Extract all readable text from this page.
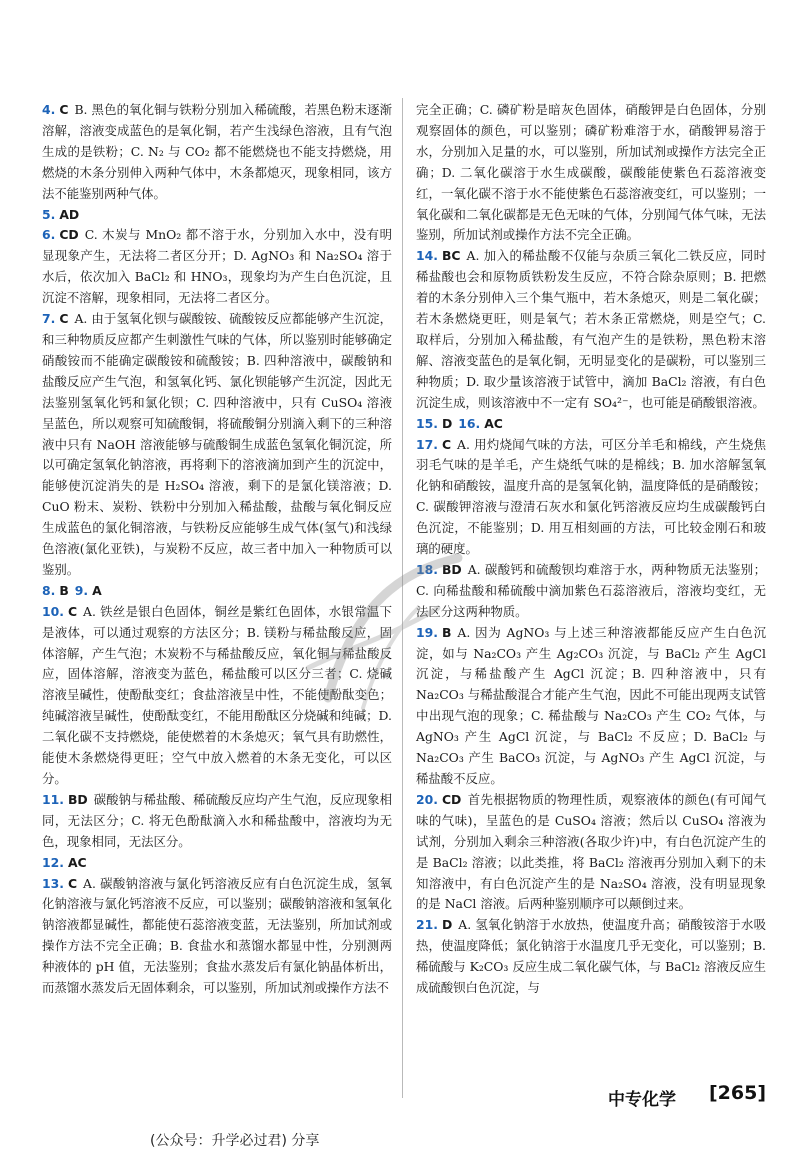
4. C B. 黑色的氧化铜与铁粉分别加入稀硫酸，若黑色粉末逐渐溶解，溶液变成蓝色的是氧化铜，若产生浅绿色溶液，且有气泡生成的是铁粉；C. N₂ 与 CO₂ 都不能燃烧也不能支持燃烧，用燃烧的木条分别伸入两种气体中，木条都熄灭，现象相同，该方法不能鉴别两种气体。

5. AD

6. CD C. 木炭与 MnO₂ 都不溶于水，分别加入水中，没有明显现象产生，无法将二者区分开；D. AgNO₃ 和 Na₂SO₄ 溶于水后，依次加入 BaCl₂ 和 HNO₃，现象均为产生白色沉淀，且沉淀不溶解，现象相同，无法将二者区分。

7. C A. 由于氢氧化钡与碳酸铵、硫酸铵反应都能够产生沉淀，和三种物质反应都产生刺激性气味的气体，所以鉴别时能够确定硝酸铵而不能确定碳酸铵和硫酸铵；B. 四种溶液中，碳酸钠和盐酸反应产生气泡，和氢氧化钙、氯化钡能够产生沉淀，因此无法鉴别氢氧化钙和氯化钡；C. 四种溶液中，只有 CuSO₄ 溶液呈蓝色，所以观察可知硫酸铜，将硫酸铜分别滴入剩下的三种溶液中只有 NaOH 溶液能够与硫酸铜生成蓝色氢氧化铜沉淀，所以可确定氢氧化钠溶液，再将剩下的溶液滴加到产生的沉淀中，能够使沉淀消失的是 H₂SO₄ 溶液，剩下的是氯化镁溶液；D. CuO 粉末、炭粉、铁粉中分别加入稀盐酸，盐酸与氧化铜反应生成蓝色的氯化铜溶液，与铁粉反应能够生成气体(氢气)和浅绿色溶液(氯化亚铁)，与炭粉不反应，故三者中加入一种物质可以鉴别。

8. B 9. A

10. C A. 铁丝是银白色固体，铜丝是紫红色固体，水银常温下是液体，可以通过观察的方法区分；B. 镁粉与稀盐酸反应，固体溶解，产生气泡；木炭粉不与稀盐酸反应，氧化铜与稀盐酸反应，固体溶解，溶液变为蓝色，稀盐酸可以区分三者；C. 烧碱溶液呈碱性，使酚酞变红；食盐溶液呈中性，不能使酚酞变色；纯碱溶液呈碱性，使酚酞变红，不能用酚酞区分烧碱和纯碱；D. 二氧化碳不支持燃烧，能使燃着的木条熄灭；氧气具有助燃性，能使木条燃烧得更旺；空气中放入燃着的木条无变化，可以区分。

11. BD 碳酸钠与稀盐酸、稀硫酸反应均产生气泡，反应现象相同，无法区分；C. 将无色酚酞滴入水和稀盐酸中，溶液均为无色，现象相同，无法区分。

12. AC

13. C A. 碳酸钠溶液与氯化钙溶液反应有白色沉淀生成，氢氧化钠溶液与氯化钙溶液不反应，可以鉴别；碳酸钠溶液和氢氧化钠溶液都显碱性，都能使石蕊溶液变蓝，无法鉴别，所加试剂或操作方法不完全正确；B. 食盐水和蒸馏水都显中性，分别测两种液体的 pH 值，无法鉴别；食盐水蒸发后有氯化钠晶体析出，而蒸馏水蒸发后无固体剩余，可以鉴别，所加试剂或操作方法不

完全正确；C. 磷矿粉是暗灰色固体，硝酸钾是白色固体，分别观察固体的颜色，可以鉴别；磷矿粉难溶于水，硝酸钾易溶于水，分别加入足量的水，可以鉴别，所加试剂或操作方法完全正确；D. 二氧化碳溶于水生成碳酸，碳酸能使紫色石蕊溶液变红，一氧化碳不溶于水不能使紫色石蕊溶液变红，可以鉴别；一氧化碳和二氧化碳都是无色无味的气体，分别闻气体气味，无法鉴别，所加试剂或操作方法不完全正确。

14. BC A. 加入的稀盐酸不仅能与杂质三氧化二铁反应，同时稀盐酸也会和原物质铁粉发生反应，不符合除杂原则；B. 把燃着的木条分别伸入三个集气瓶中，若木条熄灭，则是二氧化碳；若木条燃烧更旺，则是氧气；若木条正常燃烧，则是空气；C. 取样后，分别加入稀盐酸，有气泡产生的是铁粉，黑色粉末溶解、溶液变蓝色的是氧化铜，无明显变化的是碳粉，可以鉴别三种物质；D. 取少量该溶液于试管中，滴加 BaCl₂ 溶液，有白色沉淀生成，则该溶液中不一定有 SO₄²⁻，也可能是硝酸银溶液。

15. D 16. AC

17. C A. 用灼烧闻气味的方法，可区分羊毛和棉线，产生烧焦羽毛气味的是羊毛，产生烧纸气味的是棉线；B. 加水溶解氢氧化钠和硝酸铵，温度升高的是氢氧化钠，温度降低的是硝酸铵；C. 碳酸钾溶液与澄清石灰水和氯化钙溶液反应均生成碳酸钙白色沉淀，不能鉴别；D. 用互相刻画的方法，可比较金刚石和玻璃的硬度。

18. BD A. 碳酸钙和硫酸钡均难溶于水，两种物质无法鉴别；C. 向稀盐酸和稀硫酸中滴加紫色石蕊溶液后，溶液均变红，无法区分这两种物质。

19. B A. 因为 AgNO₃ 与上述三种溶液都能反应产生白色沉淀，如与 Na₂CO₃ 产生 Ag₂CO₃ 沉淀，与 BaCl₂ 产生 AgCl 沉淀，与稀盐酸产生 AgCl 沉淀；B. 四种溶液中，只有 Na₂CO₃ 与稀盐酸混合才能产生气泡，因此不可能出现两支试管中出现气泡的现象；C. 稀盐酸与 Na₂CO₃ 产生 CO₂ 气体，与 AgNO₃ 产生 AgCl 沉淀，与 BaCl₂ 不反应；D. BaCl₂ 与 Na₂CO₃ 产生 BaCO₃ 沉淀，与 AgNO₃ 产生 AgCl 沉淀，与稀盐酸不反应。

20. CD 首先根据物质的物理性质，观察液体的颜色(有可闻气味的气味)，呈蓝色的是 CuSO₄ 溶液；然后以 CuSO₄ 溶液为试剂，分别加入剩余三种溶液(各取少许)中，有白色沉淀产生的是 BaCl₂ 溶液；以此类推，将 BaCl₂ 溶液再分别加入剩下的未知溶液中，有白色沉淀产生的是 Na₂SO₄ 溶液，没有明显现象的是 NaCl 溶液。后两种鉴别顺序可以颠倒过来。

21. D A. 氢氧化钠溶于水放热，使温度升高；硝酸铵溶于水吸热，使温度降低；氯化钠溶于水温度几乎无变化，可以鉴别；B. 稀硫酸与 K₂CO₃ 反应生成二氧化碳气体，与 BaCl₂ 溶液反应生成硫酸钡白色沉淀，与

中专化学 [265]
(公众号：升学必过君) 分享
